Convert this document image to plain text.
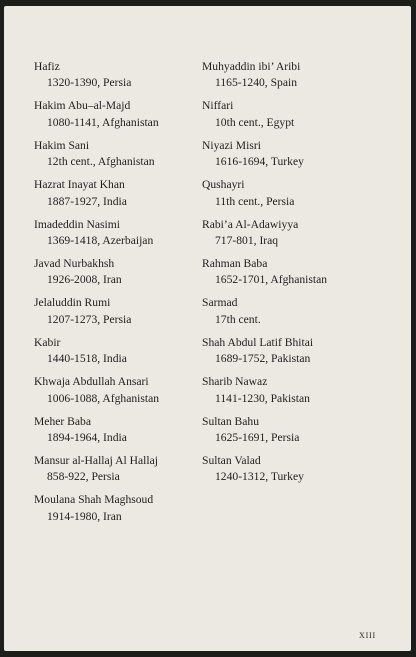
Hafiz
1320-1390, Persia
Hakim Abu–al-Majd
1080-1141, Afghanistan
Hakim Sani
12th cent., Afghanistan
Hazrat Inayat Khan
1887-1927, India
Imadeddin Nasimi
1369-1418, Azerbaijan
Javad Nurbakhsh
1926-2008, Iran
Jelaluddin Rumi
1207-1273, Persia
Kabir
1440-1518, India
Khwaja Abdullah Ansari
1006-1088, Afghanistan
Meher Baba
1894-1964, India
Mansur al-Hallaj Al Hallaj
858-922, Persia
Moulana Shah Maghsoud
1914-1980, Iran
Muhyaddin ibi’ Aribi
1165-1240, Spain
Niffari
10th cent., Egypt
Niyazi Misri
1616-1694, Turkey
Qushayri
11th cent., Persia
Rabi’a Al-Adawiyya
717-801, Iraq
Rahman Baba
1652-1701, Afghanistan
Sarmad
17th cent.
Shah Abdul Latif Bhitai
1689-1752, Pakistan
Sharib Nawaz
1141-1230, Pakistan
Sultan Bahu
1625-1691, Persia
Sultan Valad
1240-1312, Turkey
XIII
